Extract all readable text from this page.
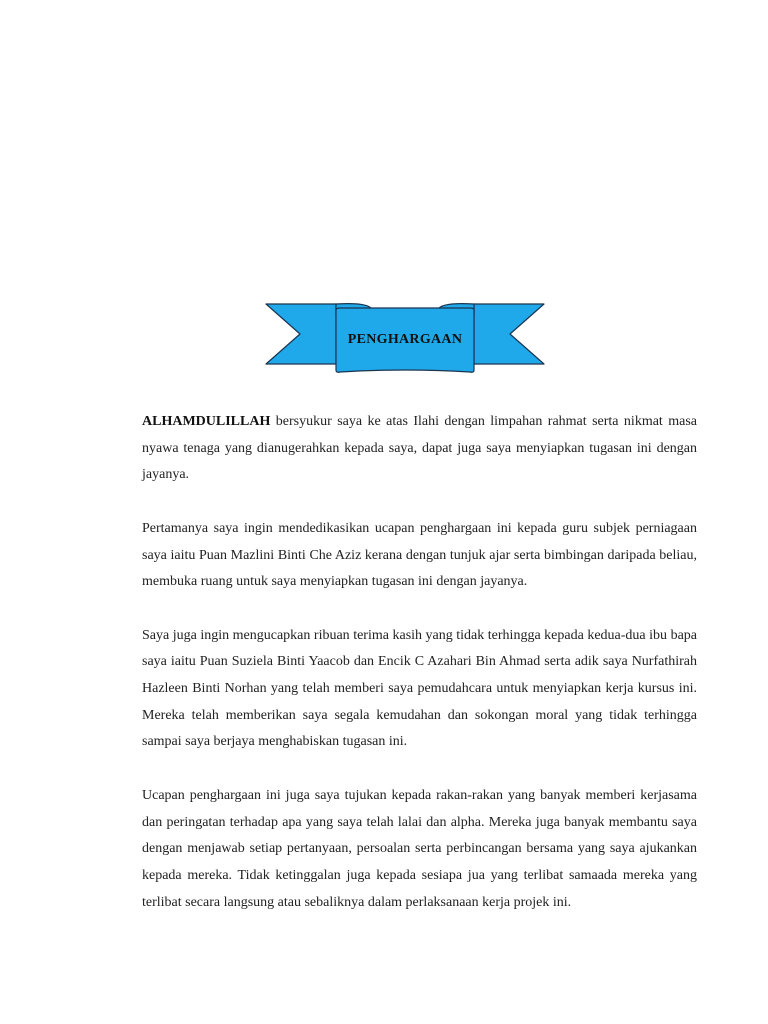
PENGHARGAAN

ALHAMDULILLAH bersyukur saya ke atas Ilahi dengan limpahan rahmat serta nikmat masa nyawa tenaga yang dianugerahkan kepada saya, dapat juga saya menyiapkan tugasan ini dengan jayanya.

Pertamanya saya ingin mendedikasikan ucapan penghargaan ini kepada guru subjek perniagaan saya iaitu Puan Mazlini Binti Che Aziz kerana dengan tunjuk ajar serta bimbingan daripada beliau, membuka ruang untuk saya menyiapkan tugasan ini dengan jayanya.

Saya juga ingin mengucapkan ribuan terima kasih yang tidak terhingga kepada kedua-dua ibu bapa saya iaitu Puan Suziela Binti Yaacob dan Encik C Azahari Bin Ahmad serta adik saya Nurfathirah Hazleen Binti Norhan yang telah memberi saya pemudahcara untuk menyiapkan kerja kursus ini. Mereka telah memberikan saya segala kemudahan dan sokongan moral yang tidak terhingga sampai saya berjaya menghabiskan tugasan ini.

Ucapan penghargaan ini juga saya tujukan kepada rakan-rakan yang banyak memberi kerjasama dan peringatan terhadap apa yang saya telah lalai dan alpha. Mereka juga banyak membantu saya dengan menjawab setiap pertanyaan, persoalan serta perbincangan bersama yang saya ajukankan kepada mereka. Tidak ketinggalan juga kepada sesiapa jua yang terlibat samaada mereka yang terlibat secara langsung atau sebaliknya dalam perlaksanaan kerja projek ini.
